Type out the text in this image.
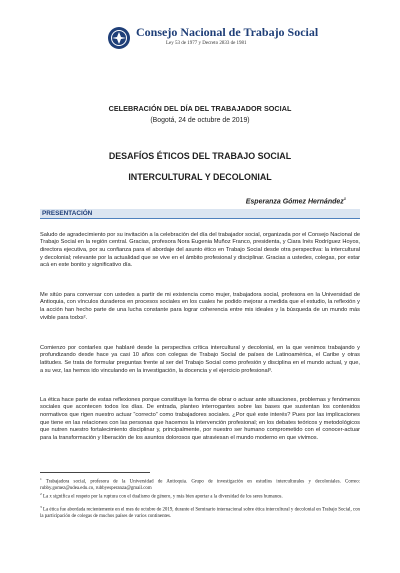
Consejo Nacional de Trabajo Social
Ley 53 de 1977 y Decreto 2833 de 1981
CELEBRACIÓN DEL DÍA DEL TRABAJADOR SOCIAL
(Bogotá, 24 de octubre de 2019)
DESAFÍOS ÉTICOS DEL TRABAJO SOCIAL
INTERCULTURAL Y DECOLONIAL
Esperanza Gómez Hernández$^1$
PRESENTACIÓN

Saludo de agradecimiento por su invitación a la celebración del día del trabajador social, organizada por el Consejo Nacional de Trabajo Social en la región central. Gracias, profesora Nora Eugenia Muñoz Franco, presidenta, y Ciara Inés Rodríguez Hoyos, directora ejecutiva, por su confianza para el abordaje del asunto ético en Trabajo Social desde otra perspectiva: la intercultural y decolonial; relevante por la actualidad que se vive en el ámbito profesional y disciplinar. Gracias a ustedes, colegas, por estar acá en este bonito y significativo día.

Me sitúo para conversar con ustedes a partir de mi existencia como mujer, trabajadora social, profesora en la Universidad de Antioquia, con vínculos duraderos en procesos sociales en los cuales he podido mejorar a medida que el estudio, la reflexión y la acción han hecho parte de una lucha constante para lograr coherencia entre mis ideales y la búsqueda de un mundo más vivible para todxs².

Comienzo por contarles que hablaré desde la perspectiva crítica intercultural y decolonial, en la que venimos trabajando y profundizando desde hace ya casi 10 años con colegas de Trabajo Social de países de Latinoamérica, el Caribe y otras latitudes. Se trata de formular preguntas frente al ser del Trabajo Social como profesión y disciplina en el mundo actual, y que, a su vez, las hemos ido vinculando en la investigación, la docencia y el ejercicio profesional³.

La ética hace parte de estas reflexiones porque constituye la forma de obrar o actuar ante situaciones, problemas y fenómenos sociales que acontecen todos los días. De entrada, planteo interrogantes sobre las bases que sustentan los contenidos normativos que rigen nuestro actuar “correcto” como trabajadores sociales. ¿Por qué este interés? Pues por las implicaciones que tiene en las relaciones con las personas que hacemos la intervención profesional; en los debates teóricos y metodológicos que nutren nuestro fortalecimiento disciplinar y, principalmente, por nuestro ser humano comprometido con el conocer-actuar para la transformación y liberación de los asuntos dolorosos que atraviesan el mundo moderno en que vivimos.

$^1$ Trabajadora social, profesora de la Universidad de Antioquia. Grupo de investigación en estudios interculturales y decoloniales. Correo: rubby.gomez@udea.edu.co, rubbyesperanza@gmail.com
$^2$ La x significa el respeto por la ruptura con el dualismo de género, y más bien aportar a la diversidad de los seres humanos.
$^3$ La ética fue abordada recientemente en el mes de octubre de 2019, durante el Seminario internacional sobre ética intercultural y decolonial en Trabajo Social, con la participación de colegas de muchos países de varios continentes.
